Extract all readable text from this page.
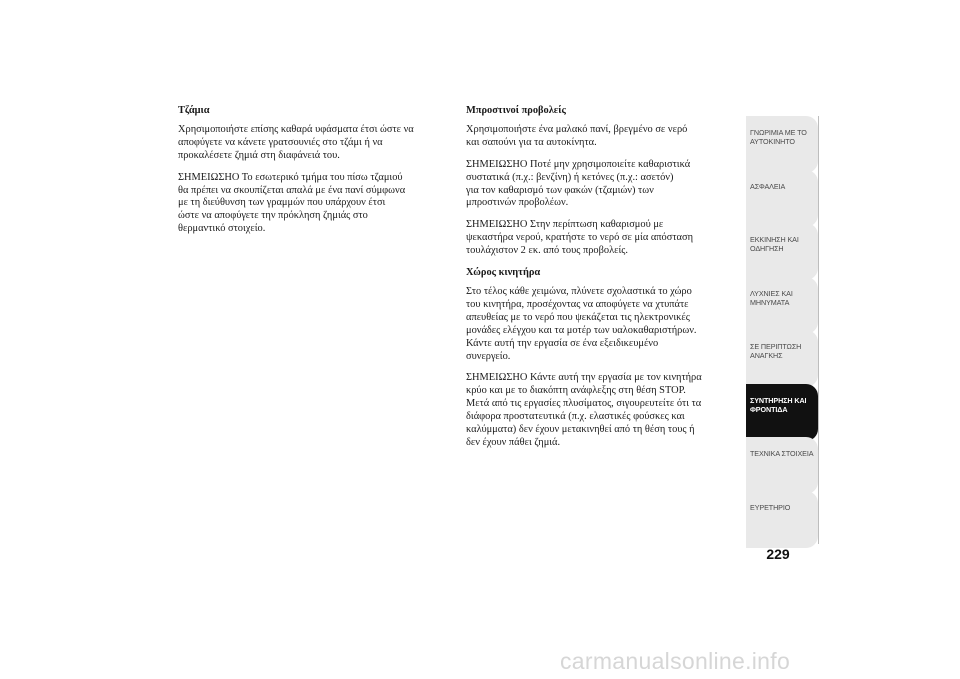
Τζάμια
Χρησιμοποιήστε επίσης καθαρά υφάσματα έτσι ώστε να
αποφύγετε να κάνετε γρατσουνιές στο τζάμι ή να
προκαλέσετε ζημιά στη διαφάνειά του.
ΣΗΜΕΙΩΣΗΟ Το εσωτερικό τμήμα του πίσω τζαμιού
θα πρέπει να σκουπίζεται απαλά με ένα πανί σύμφωνα
με τη διεύθυνση των γραμμών που υπάρχουν έτσι
ώστε να αποφύγετε την πρόκληση ζημιάς στο
θερμαντικό στοιχείο.
Μπροστινοί προβολείς
Χρησιμοποιήστε ένα μαλακό πανί, βρεγμένο σε νερό
και σαπούνι για τα αυτοκίνητα.
ΣΗΜΕΙΩΣΗΟ Ποτέ μην χρησιμοποιείτε καθαριστικά
συστατικά (π.χ.: βενζίνη) ή κετόνες (π.χ.: ασετόν)
για τον καθαρισμό των φακών (τζαμιών) των
μπροστινών προβολέων.
ΣΗΜΕΙΩΣΗΟ Στην περίπτωση καθαρισμού με
ψεκαστήρα νερού, κρατήστε το νερό σε μία απόσταση
τουλάχιστον 2 εκ. από τους προβολείς.
Χώρος κινητήρα
Στο τέλος κάθε χειμώνα, πλύνετε σχολαστικά το χώρο
του κινητήρα, προσέχοντας να αποφύγετε να χτυπάτε
απευθείας με το νερό που ψεκάζεται τις ηλεκτρονικές
μονάδες ελέγχου και τα μοτέρ των υαλοκαθαριστήρων.
Κάντε αυτή την εργασία σε ένα εξειδικευμένο
συνεργείο.
ΣΗΜΕΙΩΣΗΟ Κάντε αυτή την εργασία με τον κινητήρα
κρύο και με το διακόπτη ανάφλεξης στη θέση STOP.
Μετά από τις εργασίες πλυσίματος, σιγουρευτείτε ότι τα
διάφορα προστατευτικά (π.χ. ελαστικές φούσκες και
καλύμματα) δεν έχουν μετακινηθεί από τη θέση τους ή
δεν έχουν πάθει ζημιά.
ΓΝΩΡΙΜΙΑ ΜΕ ΤΟ
ΑΥΤΟΚΙΝΗΤΟ
ΑΣΦΑΛΕΙΑ
ΕΚΚΙΝΗΣΗ ΚΑΙ
ΟΔΗΓΗΣΗ
ΛΥΧΝΙΕΣ ΚΑΙ
ΜΗΝΥΜΑΤΑ
ΣΕ ΠΕΡΙΠΤΩΣΗ
ΑΝΑΓΚΗΣ
ΣΥΝΤΗΡΗΣΗ ΚΑΙ
ΦΡΟΝΤΙΔΑ
ΤΕΧΝΙΚΑ ΣΤΟΙΧΕΙΑ
ΕΥΡΕΤΗΡΙΟ
229
carmanualsonline.info
